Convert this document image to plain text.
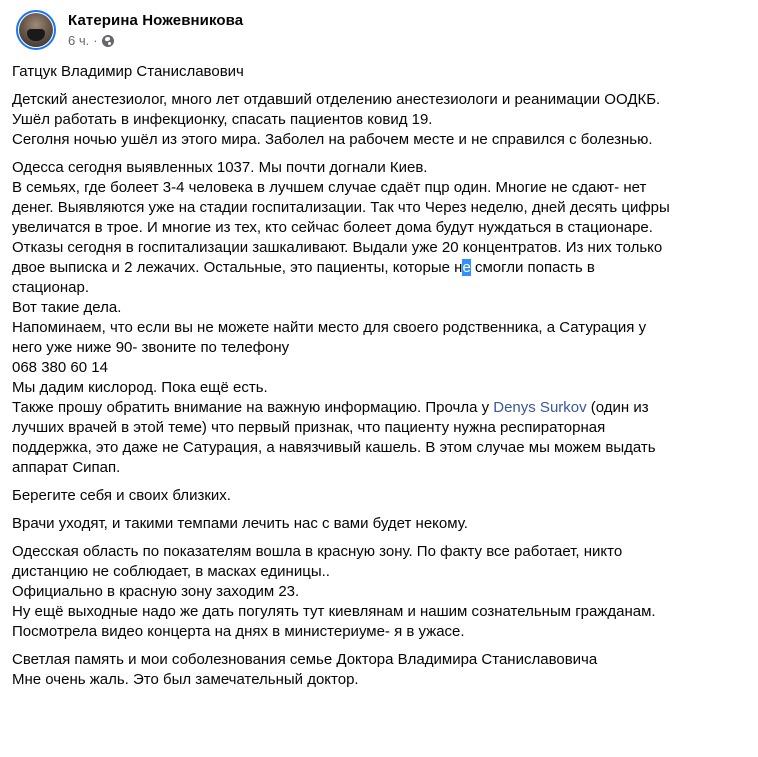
Катерина Ножевникова
6 ч. ·

Гатцук Владимир Станиславович

Детский анестезиолог, много лет отдавший отделению анестезиологи и реанимации ООДКБ.
Ушёл работать в инфекционку, спасать пациентов ковид 19.
Сеголня ночью ушёл из этого мира. Заболел на рабочем месте и не справился с болезнью.

Одесса сегодня выявленных 1037. Мы почти догнали Киев.
В семьях, где болеет 3-4 человека в лучшем случае сдаёт пцр один. Многие не сдают- нет
денег. Выявляются уже на стадии госпитализации. Так что Через неделю, дней десять цифры
увеличатся в трое. И многие из тех, кто сейчас болеет дома будут нуждаться в стационаре.
Отказы сегодня в госпитализации зашкаливают. Выдали уже 20 концентратов. Из них только
двое выписка и 2 лежачих. Остальные, это пациенты, которые не смогли попасть в
стационар.
Вот такие дела.
Напоминаем, что если вы не можете найти место для своего родственника, а Сатурация у
него уже ниже 90- звоните по телефону
068 380 60 14
Мы дадим кислород. Пока ещё есть.
Также прошу обратить внимание на важную информацию. Прочла у Denys Surkov (один из
лучших врачей в этой теме) что первый признак, что пациенту нужна респираторная
поддержка, это даже не Сатурация, а навязчивый кашель. В этом случае мы можем выдать
аппарат Сипап.

Берегите себя и своих близких.

Врачи уходят, и такими темпами лечить нас с вами будет некому.

Одесская область по показателям вошла в красную зону. По факту все работает, никто
дистанцию не соблюдает, в масках единицы..
Официально в красную зону заходим 23.
Ну ещё выходные надо же дать погулять тут киевлянам и нашим сознательным гражданам.
Посмотрела видео концерта на днях в министериуме- я в ужасе.

Светлая память и мои соболезнования семье Доктора Владимира Станиславовича
Мне очень жаль. Это был замечательный доктор.
